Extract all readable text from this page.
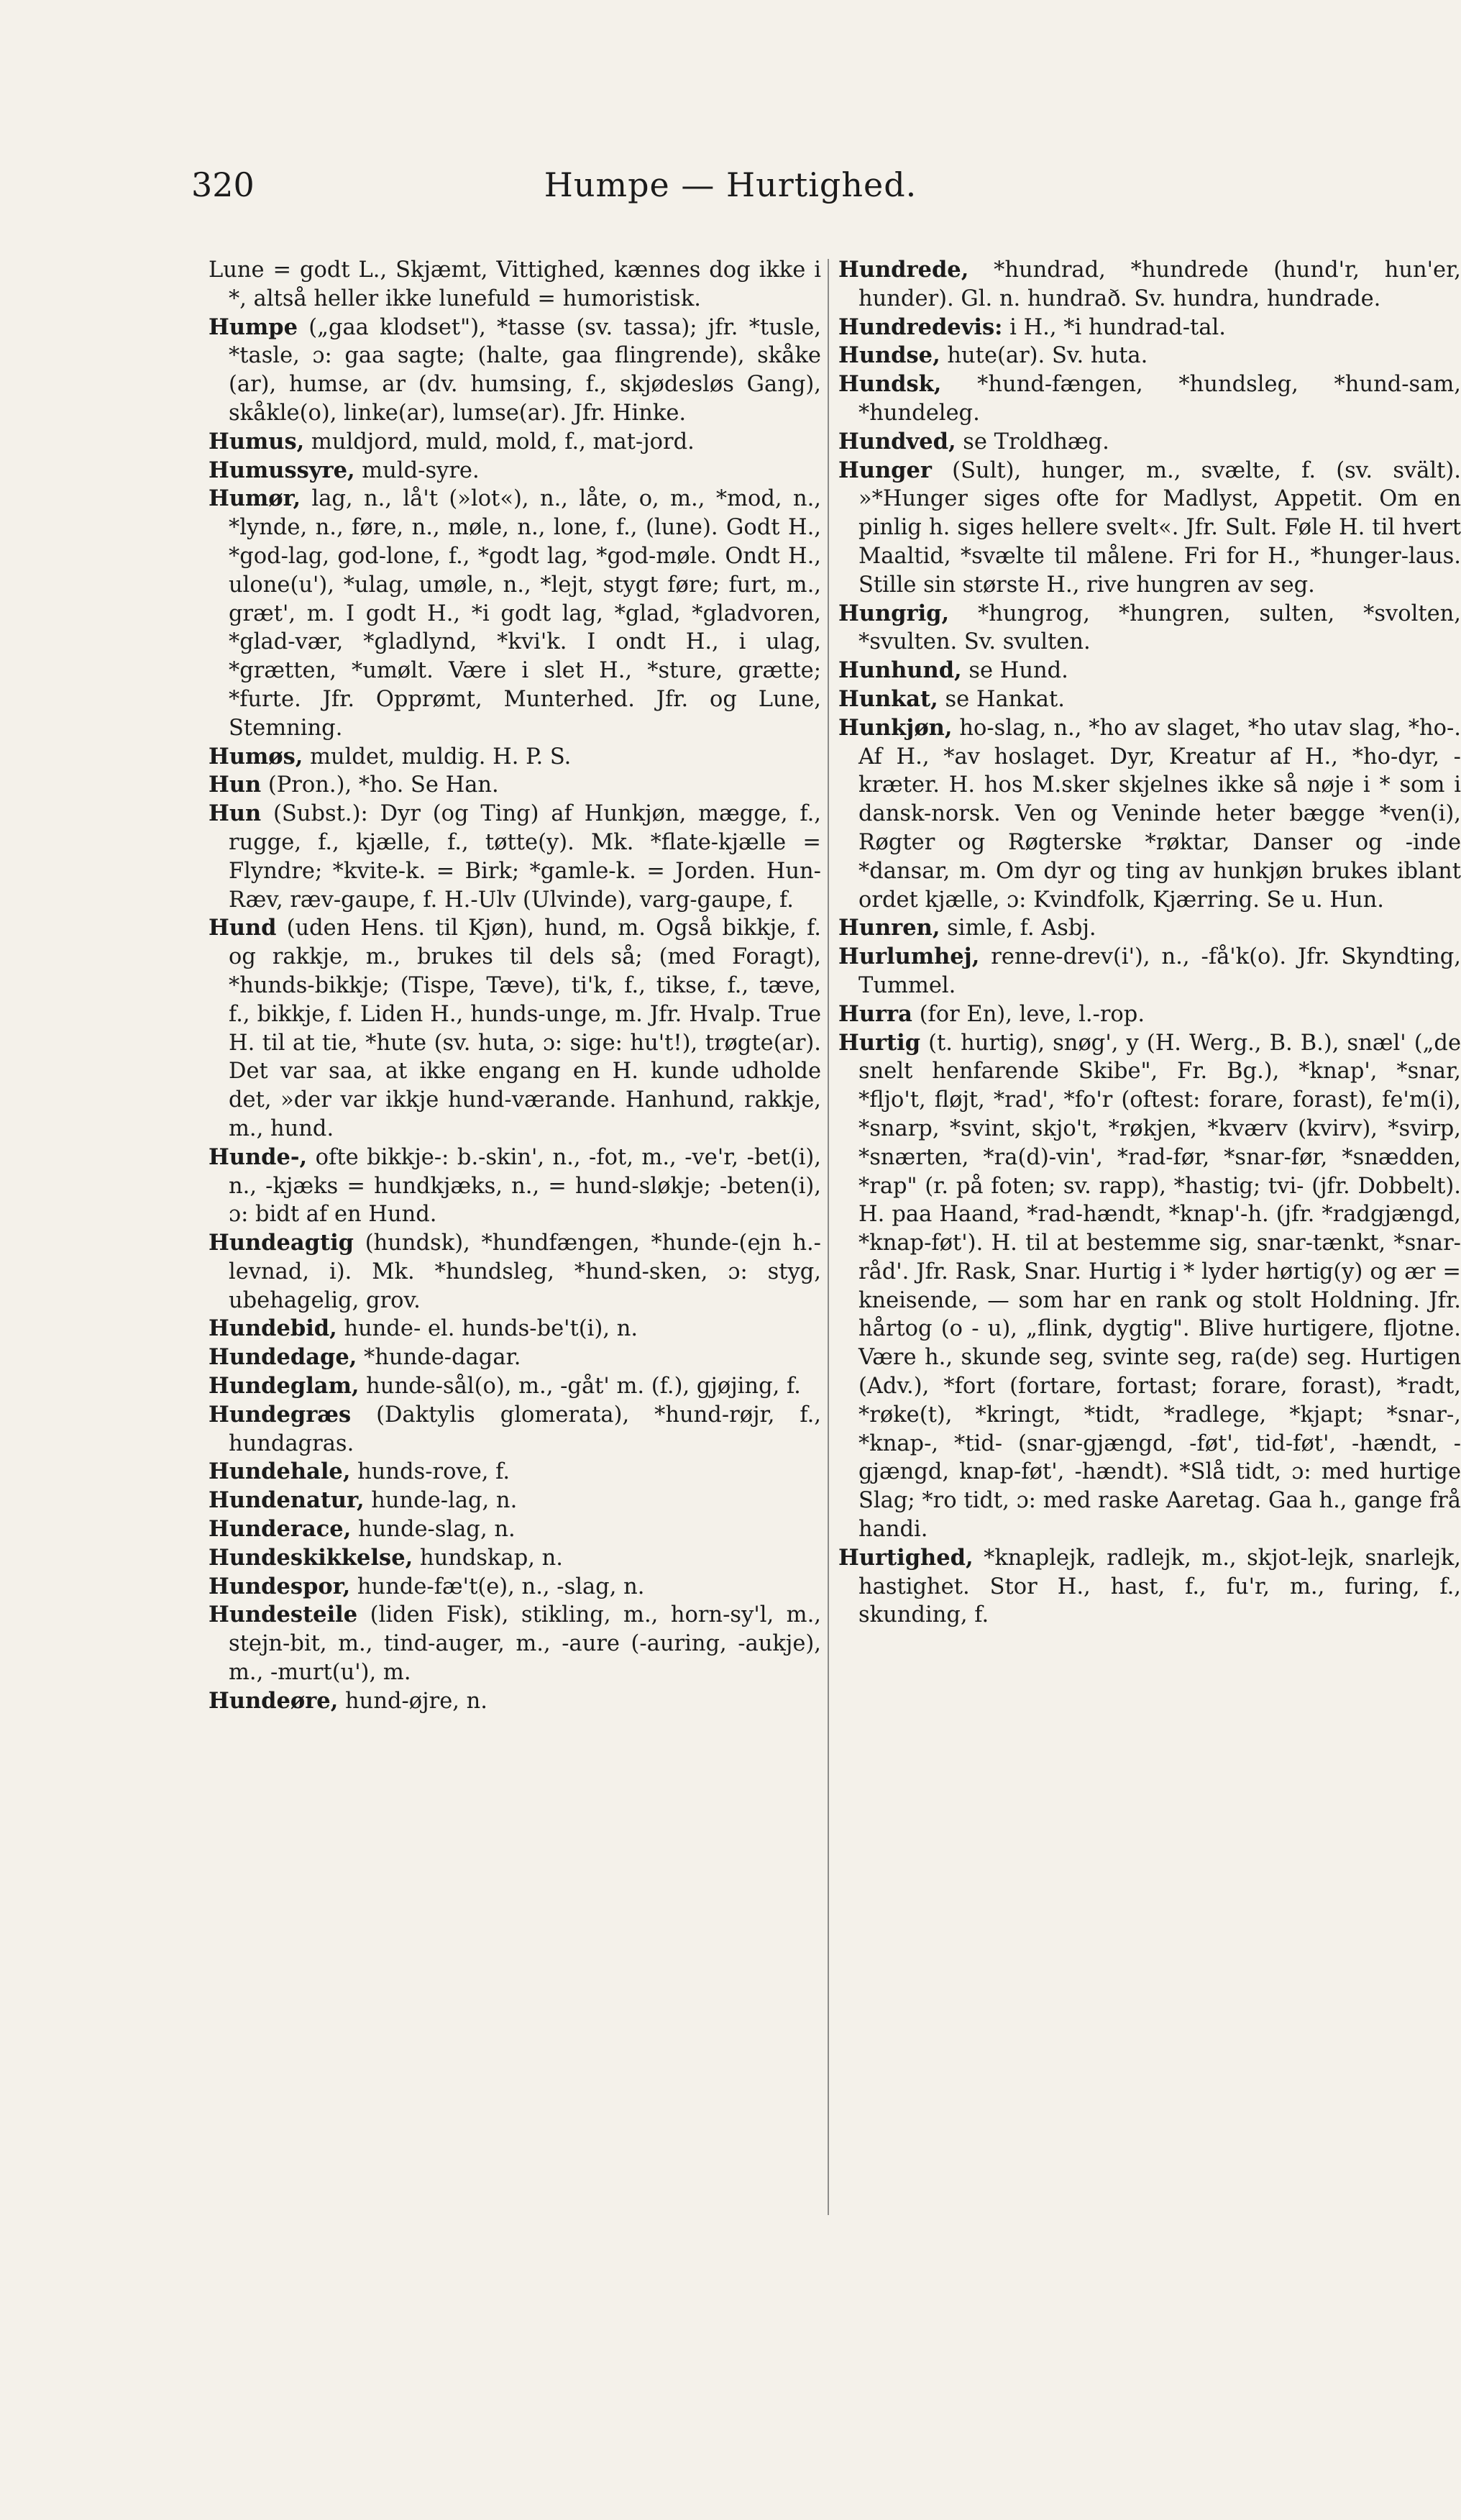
320	Humpe — Hurtighed.

Lune = godt L., Skjæmt, Vittighed, kænnes dog ikke i *, altså heller ikke lunefuld = humoristisk.

Humpe („gaa klodset"), *tasse (sv. tassa); jfr. *tusle, *tasle, ɔ: gaa sagte; (halte, gaa flingrende), skåke (ar), humse, ar (dv. humsing, f., skjødesløs Gang), skåkle(o), linke(ar), lumse(ar). Jfr. Hinke.

Humus, muldjord, muld, mold, f., mat-jord.

Humussyre, muld-syre.

Humør, lag, n., lå't (»lot«), n., låte, o, m., *mod, n., *lynde, n., føre, n., møle, n., lone, f., (lune). Godt H., *god-lag, god-lone, f., *godt lag, *god-møle. Ondt H., ulone(u'), *ulag, umøle, n., *lejt, stygt føre; furt, m., græt', m. I godt H., *i godt lag, *glad, *gladvoren, *glad-vær, *gladlynd, *kvi'k. I ondt H., i ulag, *grætten, *umølt. Være i slet H., *sture, grætte; *furte. Jfr. Opprømt, Munterhed. Jfr. og Lune, Stemning.

Humøs, muldet, muldig. H. P. S.

Hun (Pron.), *ho. Se Han.

Hun (Subst.): Dyr (og Ting) af Hunkjøn, mægge, f., rugge, f., kjælle, f., tøtte(y). Mk. *flate-kjælle = Flyndre; *kvite-k. = Birk; *gamle-k. = Jorden. Hun-Ræv, ræv-gaupe, f. H.-Ulv (Ulvinde), varg-gaupe, f.

Hund (uden Hens. til Kjøn), hund, m. Også bikkje, f. og rakkje, m., brukes til dels så; (med Foragt), *hunds-bikkje; (Tispe, Tæve), ti'k, f., tikse, f., tæve, f., bikkje, f. Liden H., hunds-unge, m. Jfr. Hvalp. True H. til at tie, *hute (sv. huta, ɔ: sige: hu't!), trøgte(ar). Det var saa, at ikke engang en H. kunde udholde det, »der var ikkje hund-værande. Hanhund, rakkje, m., hund.

Hunde-, ofte bikkje-: b.-skin', n., -fot, m., -ve'r, -bet(i), n., -kjæks = hundkjæks, n., = hund-sløkje; -beten(i), ɔ: bidt af en Hund.

Hundeagtig (hundsk), *hundfængen, *hunde-(ejn h.-levnad, i). Mk. *hundsleg, *hund-sken, ɔ: styg, ubehagelig, grov.

Hundebid, hunde- el. hunds-be't(i), n.

Hundedage, *hunde-dagar.

Hundeglam, hunde-sål(o), m., -gåt' m. (f.), gjøjing, f.

Hundegræs (Daktylis glomerata), *hund-røjr, f., hundagras.

Hundehale, hunds-rove, f.

Hundenatur, hunde-lag, n.

Hunderace, hunde-slag, n.

Hundeskikkelse, hundskap, n.

Hundespor, hunde-fæ't(e), n., -slag, n.

Hundesteile (liden Fisk), stikling, m., horn-sy'l, m., stejn-bit, m., tind-auger, m., -aure (-auring, -aukje), m., -murt(u'), m.

Hundeøre, hund-øjre, n.

Hundrede, *hundrad, *hundrede (hund'r, hun'er, hunder). Gl. n. hundrað. Sv. hundra, hundrade.

Hundredevis: i H., *i hundrad-tal.

Hundse, hute(ar). Sv. huta.

Hundsk, *hund-fængen, *hundsleg, *hund-sam, *hundeleg.

Hundved, se Troldhæg.

Hunger (Sult), hunger, m., svælte, f. (sv. svält). »*Hunger siges ofte for Madlyst, Appetit. Om en pinlig h. siges hellere svelt«. Jfr. Sult. Føle H. til hvert Maaltid, *svælte til målene. Fri for H., *hunger-laus. Stille sin største H., rive hungren av seg.

Hungrig, *hungrog, *hungren, sulten, *svolten, *svulten. Sv. svulten.

Hunhund, se Hund.

Hunkat, se Hankat.

Hunkjøn, ho-slag, n., *ho av slaget, *ho utav slag, *ho-. Af H., *av hoslaget. Dyr, Kreatur af H., *ho-dyr, -kræter. H. hos M.sker skjelnes ikke så nøje i * som i dansk-norsk. Ven og Veninde heter bægge *ven(i), Røgter og Røgterske *røktar, Danser og -inde *dansar, m. Om dyr og ting av hunkjøn brukes iblant ordet kjælle, ɔ: Kvindfolk, Kjærring. Se u. Hun.

Hunren, simle, f. Asbj.

Hurlumhej, renne-drev(i'), n., -få'k(o). Jfr. Skyndting, Tummel.

Hurra (for En), leve, l.-rop.

Hurtig (t. hurtig), snøg', y (H. Werg., B. B.), snæl' („de snelt henfarende Skibe", Fr. Bg.), *knap', *snar, *fljo't, fløjt, *rad', *fo'r (oftest: forare, forast), fe'm(i), *snarp, *svint, skjo't, *røkjen, *kværv (kvirv), *svirp, *snærten, *ra(d)-vin', *rad-før, *snar-før, *snædden, *rap" (r. på foten; sv. rapp), *hastig; tvi- (jfr. Dobbelt). H. paa Haand, *rad-hændt, *knap'-h. (jfr. *radgjængd, *knap-føt'). H. til at bestemme sig, snar-tænkt, *snar-råd'. Jfr. Rask, Snar. Hurtig i * lyder hørtig(y) og ær = kneisende, — som har en rank og stolt Holdning. Jfr. hårtog (o - u), „flink, dygtig". Blive hurtigere, fljotne. Være h., skunde seg, svinte seg, ra(de) seg. Hurtigen (Adv.), *fort (fortare, fortast; forare, forast), *radt, *røke(t), *kringt, *tidt, *radlege, *kjapt; *snar-, *knap-, *tid- (snar-gjængd, -føt', tid-føt', -hændt, -gjængd, knap-føt', -hændt). *Slå tidt, ɔ: med hurtige Slag; *ro tidt, ɔ: med raske Aaretag. Gaa h., gange frå handi.

Hurtighed, *knaplejk, radlejk, m., skjot-lejk, snarlejk, hastighet. Stor H., hast, f., fu'r, m., furing, f., skunding, f.
